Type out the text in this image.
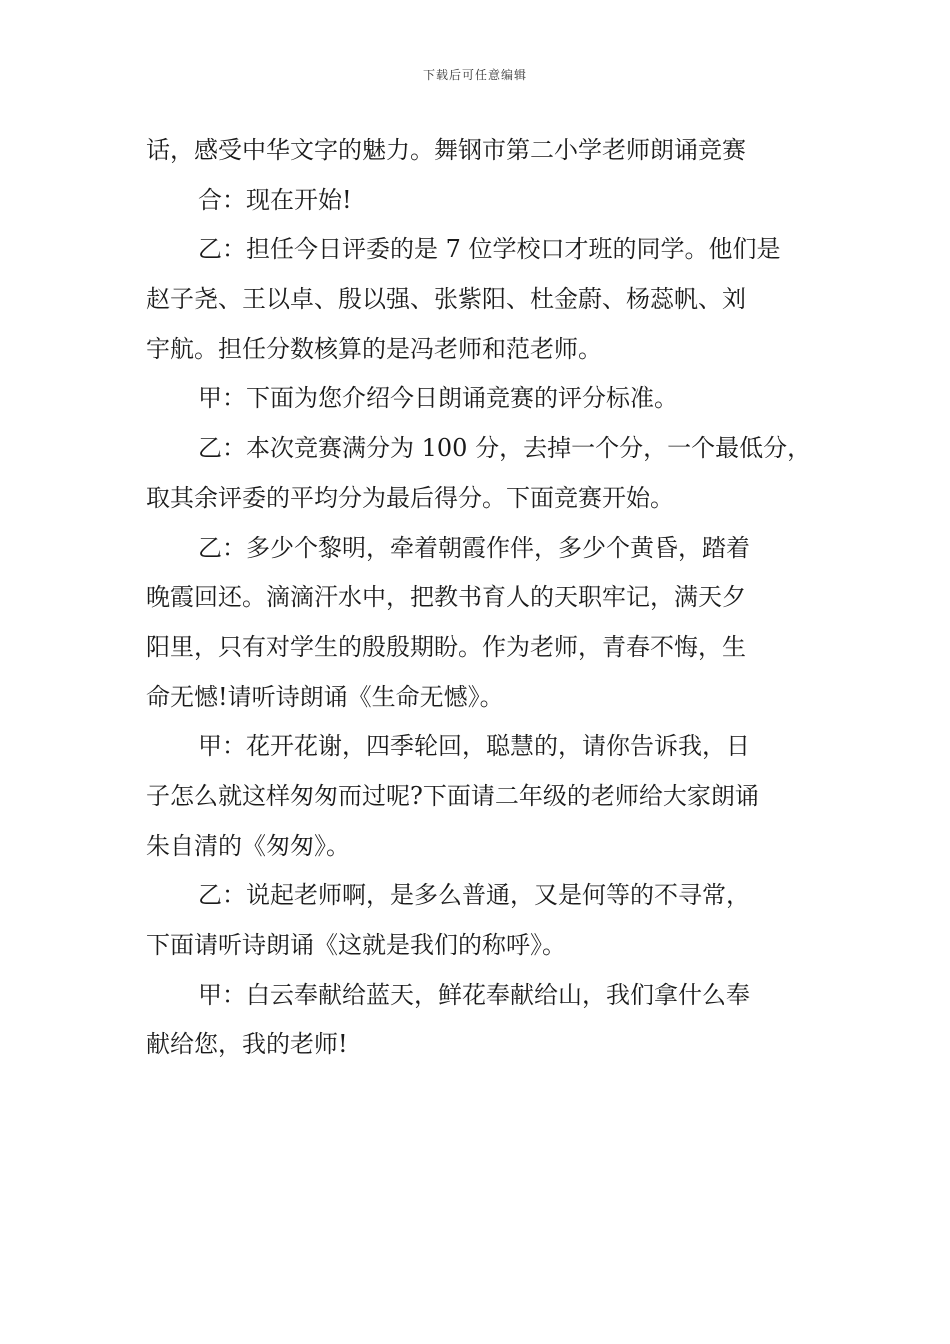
下载后可任意编辑
话，感受中华文字的魅力。舞钢市第二小学老师朗诵竞赛
合：现在开始!
乙：担任今日评委的是 7 位学校口才班的同学。他们是
赵子尧、王以卓、殷以强、张紫阳、杜金蔚、杨蕊帆、刘
宇航。担任分数核算的是冯老师和范老师。
甲：下面为您介绍今日朗诵竞赛的评分标准。
乙：本次竞赛满分为 100 分，去掉一个分，一个最低分，
取其余评委的平均分为最后得分。下面竞赛开始。
乙：多少个黎明，牵着朝霞作伴，多少个黄昏，踏着
晚霞回还。滴滴汗水中，把教书育人的天职牢记，满天夕
阳里，只有对学生的殷殷期盼。作为老师，青春不悔，生
命无憾!请听诗朗诵《生命无憾》。
甲：花开花谢，四季轮回，聪慧的，请你告诉我，日
子怎么就这样匆匆而过呢?下面请二年级的老师给大家朗诵
朱自清的《匆匆》。
乙：说起老师啊，是多么普通，又是何等的不寻常，
下面请听诗朗诵《这就是我们的称呼》。
甲：白云奉献给蓝天，鲜花奉献给山，我们拿什么奉
献给您，我的老师!
